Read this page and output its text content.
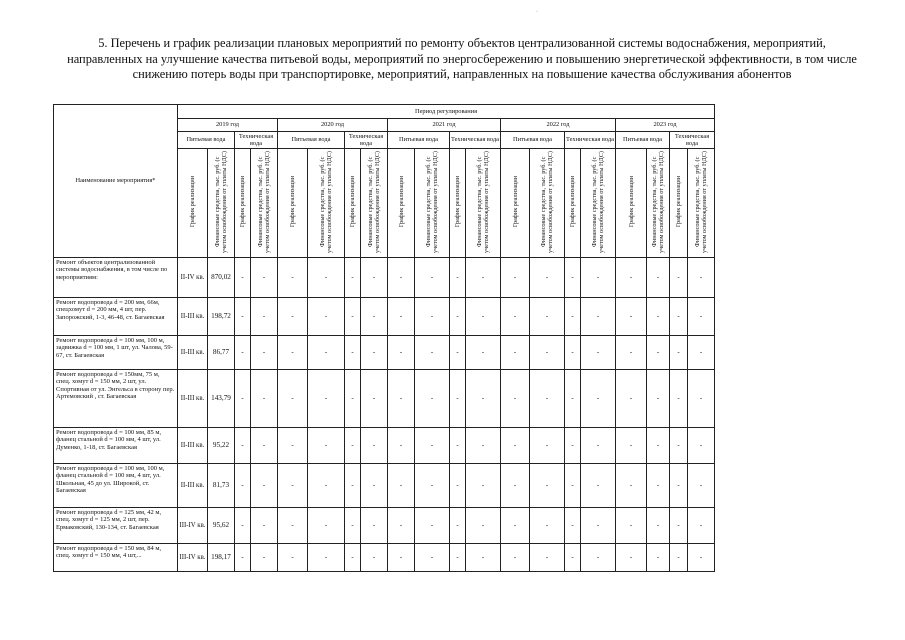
·
5. Перечень и график реализации плановых мероприятий по ремонту объектов централизованной системы водоснабжения, мероприятий, направленных на улучшение качества питьевой воды, мероприятий по энергосбережению и повышению энергетической эффективности, в том числе снижению потерь воды при транспортировке, мероприятий, направленных на повышение качества обслуживания абонентов
Наименование мероприятия*	Период регулирования																			
	2019 год				2020 год				2021 год				2022 год				2023 год			
	Питьевая вода		Техническая вода		Питьевая вода		Техническая вода		Питьевая вода		Техническая вода		Питьевая вода		Техническая вода		Питьевая вода		Техническая вода	
	График реализации	Финансовые средства, тыс. руб. (с учетом освобождения от уплаты НДС)	График реализации	Финансовые средства, тыс. руб. (с учетом освобождения от уплаты НДС)	График реализации	Финансовые средства, тыс. руб. (с учетом освобождения от уплаты НДС)	График реализации	Финансовые средства, тыс. руб. (с учетом освобождения от уплаты НДС)	График реализации	Финансовые средства, тыс. руб. (с учетом освобождения от уплаты НДС)	График реализации	Финансовые средства, тыс. руб. (с учетом освобождения от уплаты НДС)	График реализации	Финансовые средства, тыс. руб. (с учетом освобождения от уплаты НДС)	График реализации	Финансовые средства, тыс. руб. (с учетом освобождения от уплаты НДС)	График реализации	Финансовые средства, тыс. руб. (с учетом освобождения от уплаты НДС)	График реализации	Финансовые средства, тыс. руб. (с учетом освобождения от уплаты НДС)
Ремонт объектов централизованной системы водоснабжения, в том числе по мероприятиям:	II-IV кв.	870,02	-	-	-	-	-	-	-	-	-	-	-	-	-	-	-	-	-	-
Ремонт водопровода d = 200 мм, 66м, спецхомут d = 200 мм, 4 шт, пер. Запорожский, 1-3, 46-48, ст. Багаевская	II-III кв.	198,72	-	-	-	-	-	-	-	-	-	-	-	-	-	-	-	-	-	-
Ремонт водопровода d = 100 мм, 100 м, задвижка d = 100 мм, 1 шт, ул. Чалова, 59-67, ст. Багаевская	II-III кв.	86,77	-	-	-	-	-	-	-	-	-	-	-	-	-	-	-	-	-	-
Ремонт водопровода d = 150мм, 75 м, спец. хомут d = 150 мм, 2 шт, ул. Спортивная от ул. Энгельса в сторону пер. Артемовский , ст. Багаевская	II-III кв.	143,79	-	-	-	-	-	-	-	-	-	-	-	-	-	-	-	-	-	-
Ремонт водопровода d = 100 мм, 85 м, фланец стальной d = 100 мм, 4 шт, ул. Думенко, 1-18, ст. Багаевская	II-III кв.	95,22	-	-	-	-	-	-	-	-	-	-	-	-	-	-	-	-	-	-
Ремонт водопровода d = 100 мм, 100 м, фланец стальной d = 100 мм, 4 шт, ул. Школьная, 45 до ул. Широкой, ст. Багаевская	II-III кв.	81,73	-	-	-	-	-	-	-	-	-	-	-	-	-	-	-	-	-	-
Ремонт водопровода d = 125 мм, 42 м, спец. хомут d = 125 мм, 2 шт, пер. Ермаковский, 130-134, ст. Багаевская	III-IV кв.	95,62	-	-	-	-	-	-	-	-	-	-	-	-	-	-	-	-	-	-
Ремонт водопровода d = 150 мм, 84 м, спец. хомут d = 150 мм, 4 шт,...	III-IV кв.	198,17	-	-	-	-	-	-	-	-	-	-	-	-	-	-	-	-	-	-
